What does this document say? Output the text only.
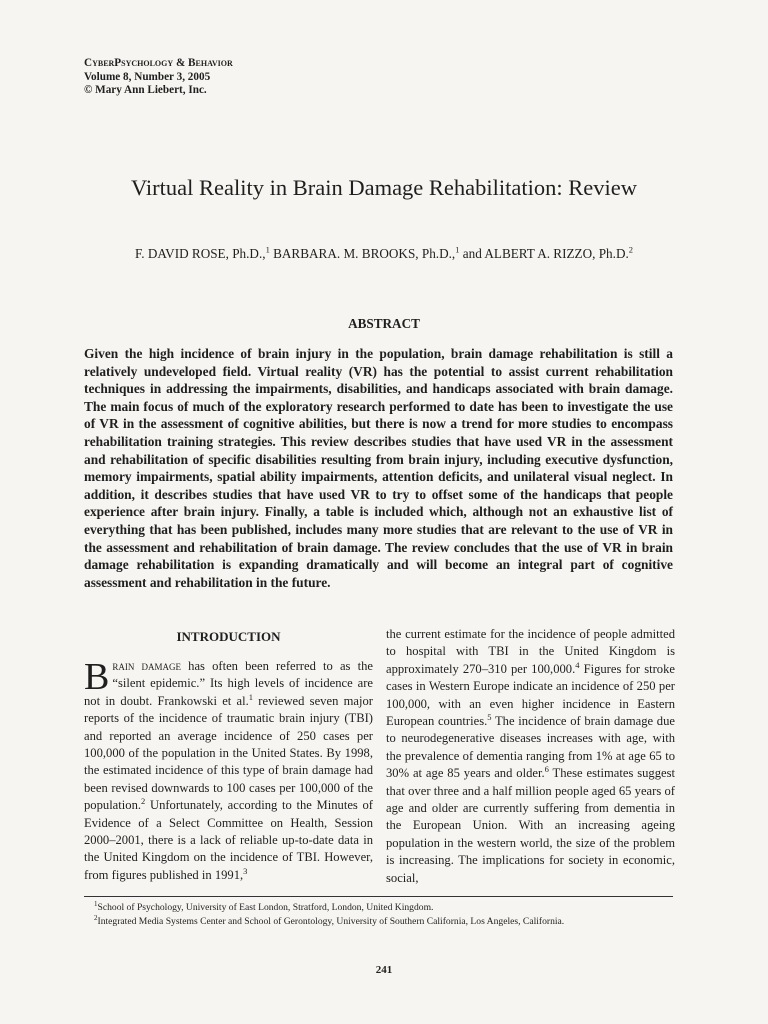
CyberPsychology & Behavior
Volume 8, Number 3, 2005
© Mary Ann Liebert, Inc.
Virtual Reality in Brain Damage Rehabilitation: Review
F. DAVID ROSE, Ph.D.,$^1$ BARBARA. M. BROOKS, Ph.D.,$^1$ and ALBERT A. RIZZO, Ph.D.$^2$
ABSTRACT

Given the high incidence of brain injury in the population, brain damage rehabilitation is still a relatively undeveloped field. Virtual reality (VR) has the potential to assist current rehabilitation techniques in addressing the impairments, disabilities, and handicaps associated with brain damage. The main focus of much of the exploratory research performed to date has been to investigate the use of VR in the assessment of cognitive abilities, but there is now a trend for more studies to encompass rehabilitation training strategies. This review describes studies that have used VR in the assessment and rehabilitation of specific disabilities resulting from brain injury, including executive dysfunction, memory impairments, spatial ability impairments, attention deficits, and unilateral visual neglect. In addition, it describes studies that have used VR to try to offset some of the handicaps that people experience after brain injury. Finally, a table is included which, although not an exhaustive list of everything that has been published, includes many more studies that are relevant to the use of VR in the assessment and rehabilitation of brain damage. The review concludes that the use of VR in brain damage rehabilitation is expanding dramatically and will become an integral part of cognitive assessment and rehabilitation in the future.

INTRODUCTION

Brain damage has often been referred to as the “silent epidemic.” Its high levels of incidence are not in doubt. Frankowski et al.$^1$ reviewed seven major reports of the incidence of traumatic brain injury (TBI) and reported an average incidence of 250 cases per 100,000 of the population in the United States. By 1998, the estimated incidence of this type of brain damage had been revised downwards to 100 cases per 100,000 of the population.$^2$ Unfortunately, according to the Minutes of Evidence of a Select Committee on Health, Session 2000–2001, there is a lack of reliable up-to-date data in the United Kingdom on the incidence of TBI. However, from figures published in 1991,$^3$

the current estimate for the incidence of people admitted to hospital with TBI in the United Kingdom is approximately 270–310 per 100,000.$^4$ Figures for stroke cases in Western Europe indicate an incidence of 250 per 100,000, with an even higher incidence in Eastern European countries.$^5$ The incidence of brain damage due to neurodegenerative diseases increases with age, with the prevalence of dementia ranging from 1% at age 65 to 30% at age 85 years and older.$^6$ These estimates suggest that over three and a half million people aged 65 years of age and older are currently suffering from dementia in the European Union. With an increasing ageing population in the western world, the size of the problem is increasing. The implications for society in economic, social,

$^1$School of Psychology, University of East London, Stratford, London, United Kingdom.
$^2$Integrated Media Systems Center and School of Gerontology, University of Southern California, Los Angeles, California.
241
